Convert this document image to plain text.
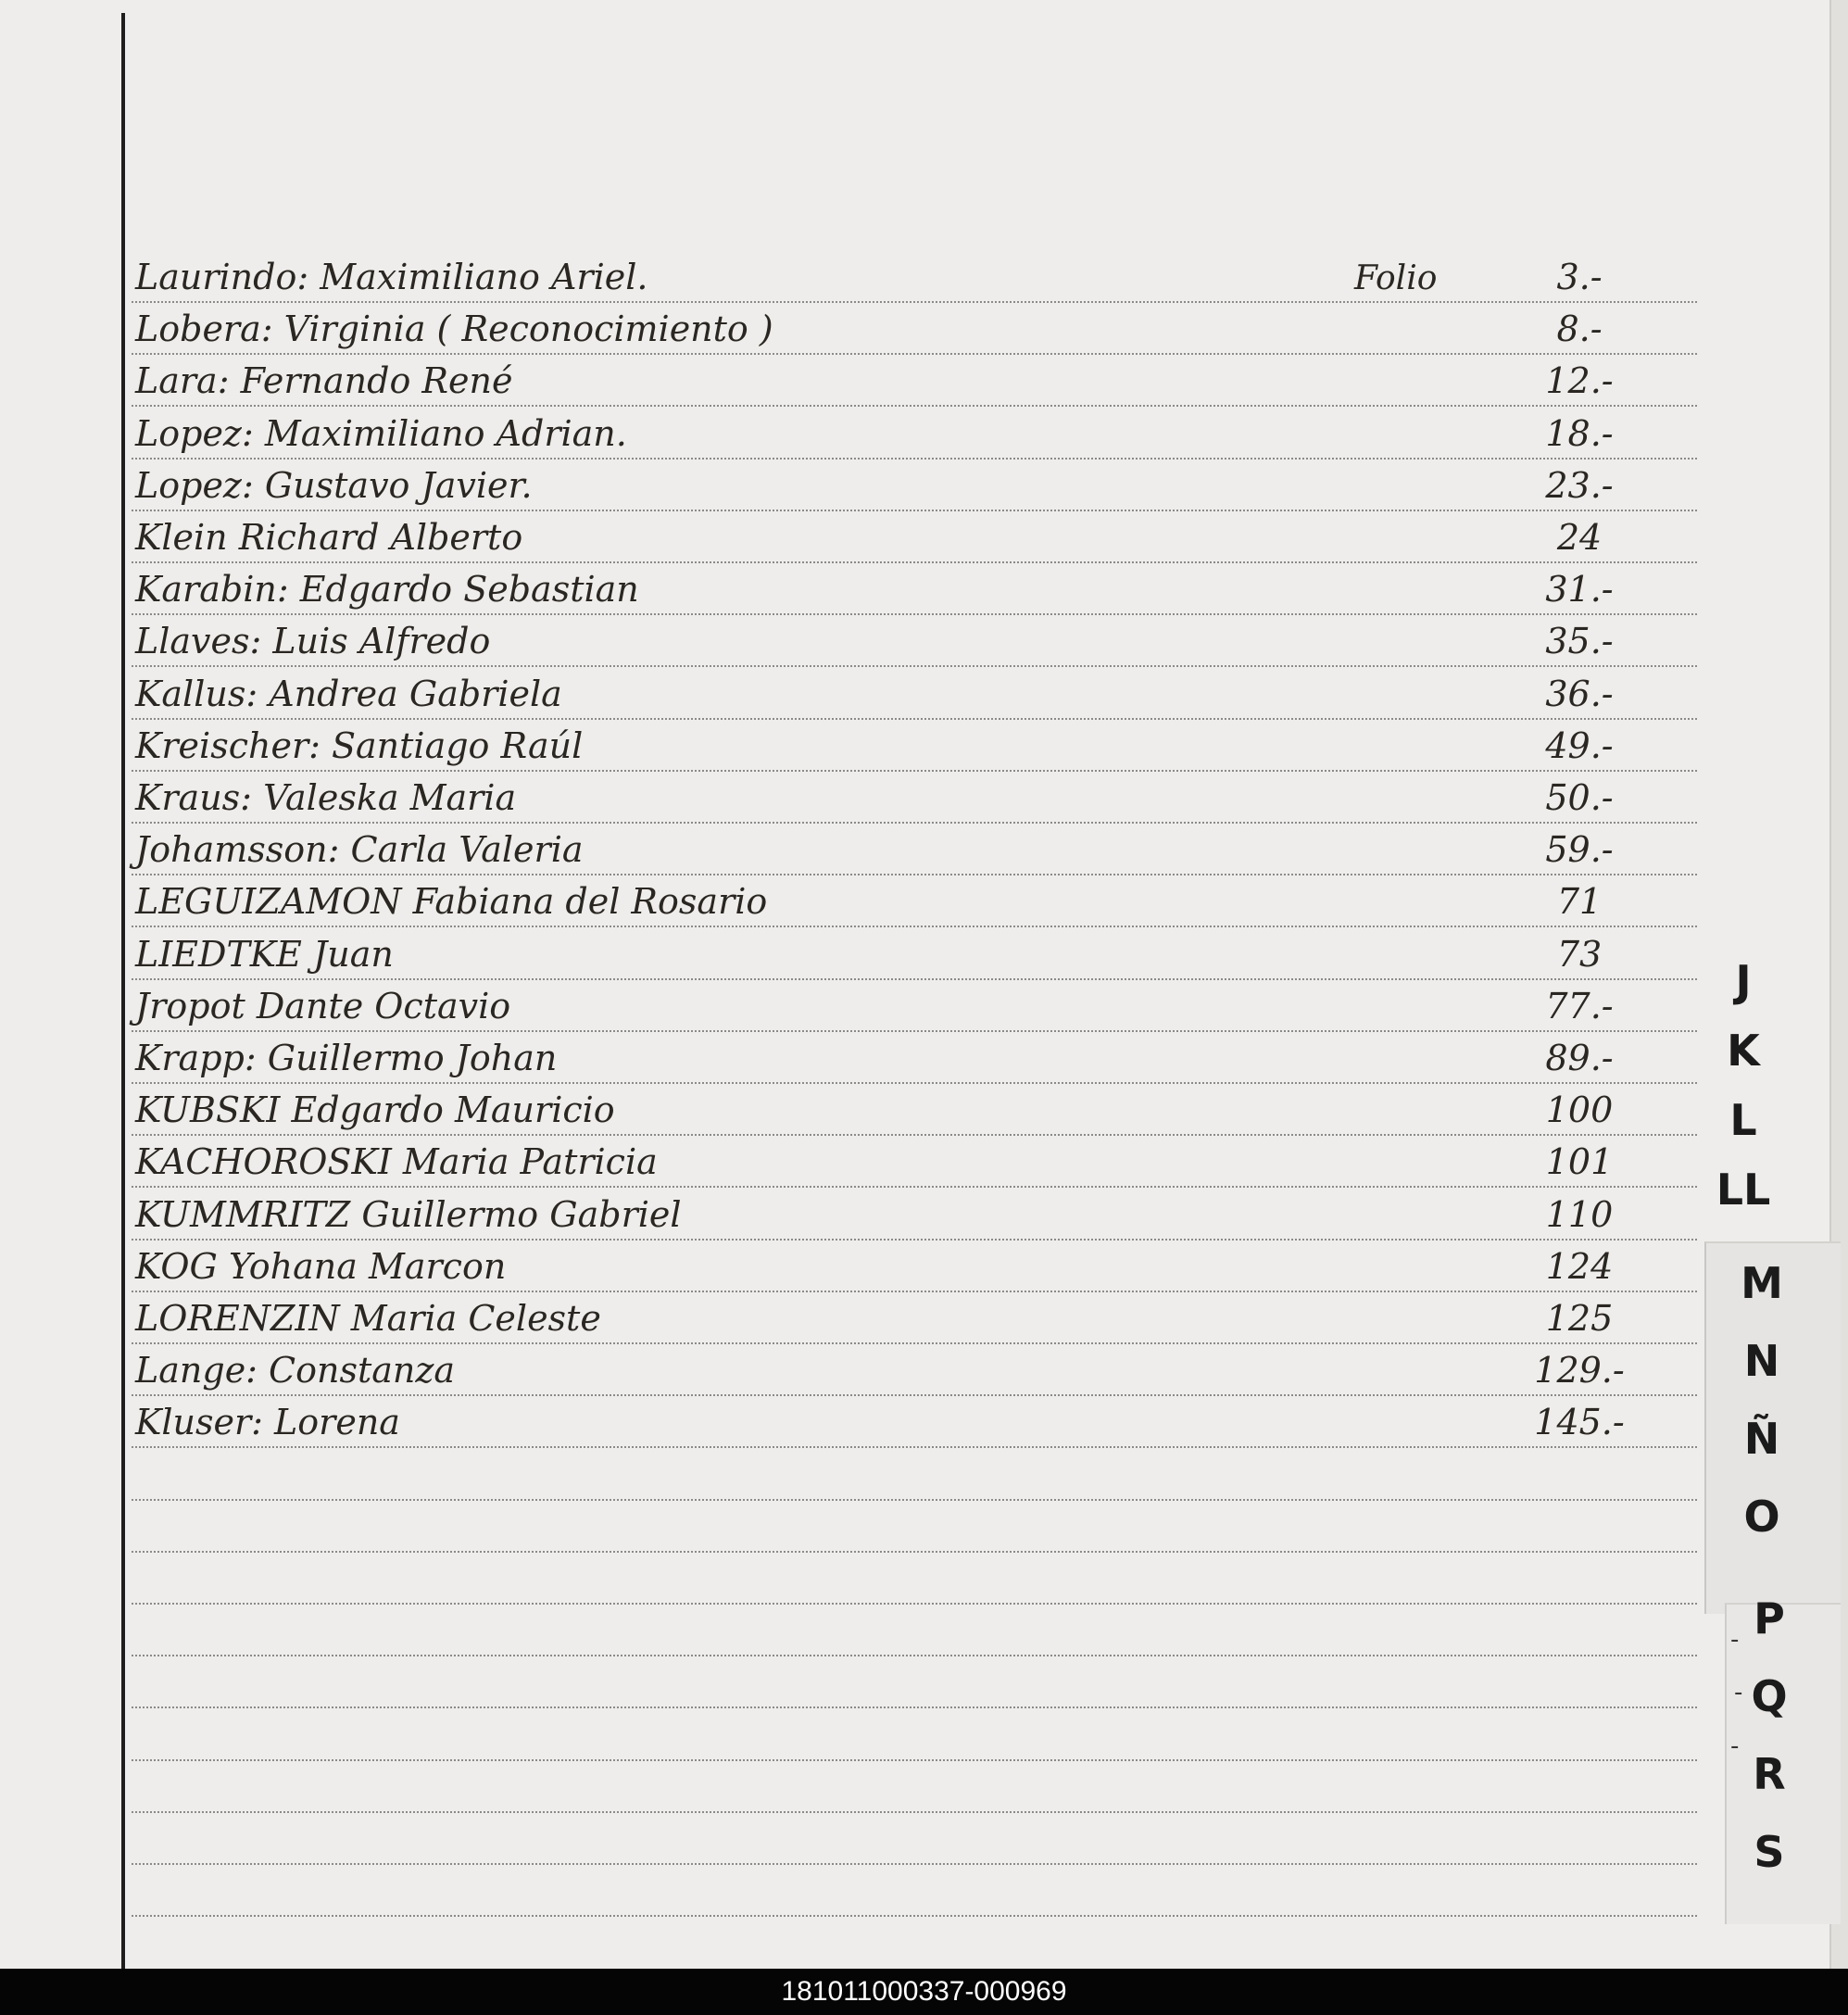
Laurindo: Maximiliano Ariel.	Folio	3.-
Lobera: Virginia ( Reconocimiento )	8.-
Lara: Fernando René	12.-
Lopez: Maximiliano Adrian.	18.-
Lopez: Gustavo Javier.	23.-
Klein Richard Alberto	24
Karabin: Edgardo Sebastian	31.-
Llaves: Luis Alfredo	35.-
Kallus: Andrea Gabriela	36.-
Kreischer: Santiago Raúl	49.-
Kraus: Valeska Maria	50.-
Johamsson: Carla Valeria	59.-
LEGUIZAMON Fabiana del Rosario	71
LIEDTKE Juan	73
Jropot Dante Octavio	77.-
Krapp: Guillermo Johan	89.-
KUBSKI Edgardo Mauricio	100
KACHOROSKI Maria Patricia	101
KUMMRITZ Guillermo Gabriel	110
KOG Yohana Marcon	124
LORENZIN Maria Celeste	125
Lange: Constanza	129.-
Kluser: Lorena	145.-
-
-
-
J
K
L
LL
M
N
Ñ
O
P
Q
R
S
181011000337-000969
